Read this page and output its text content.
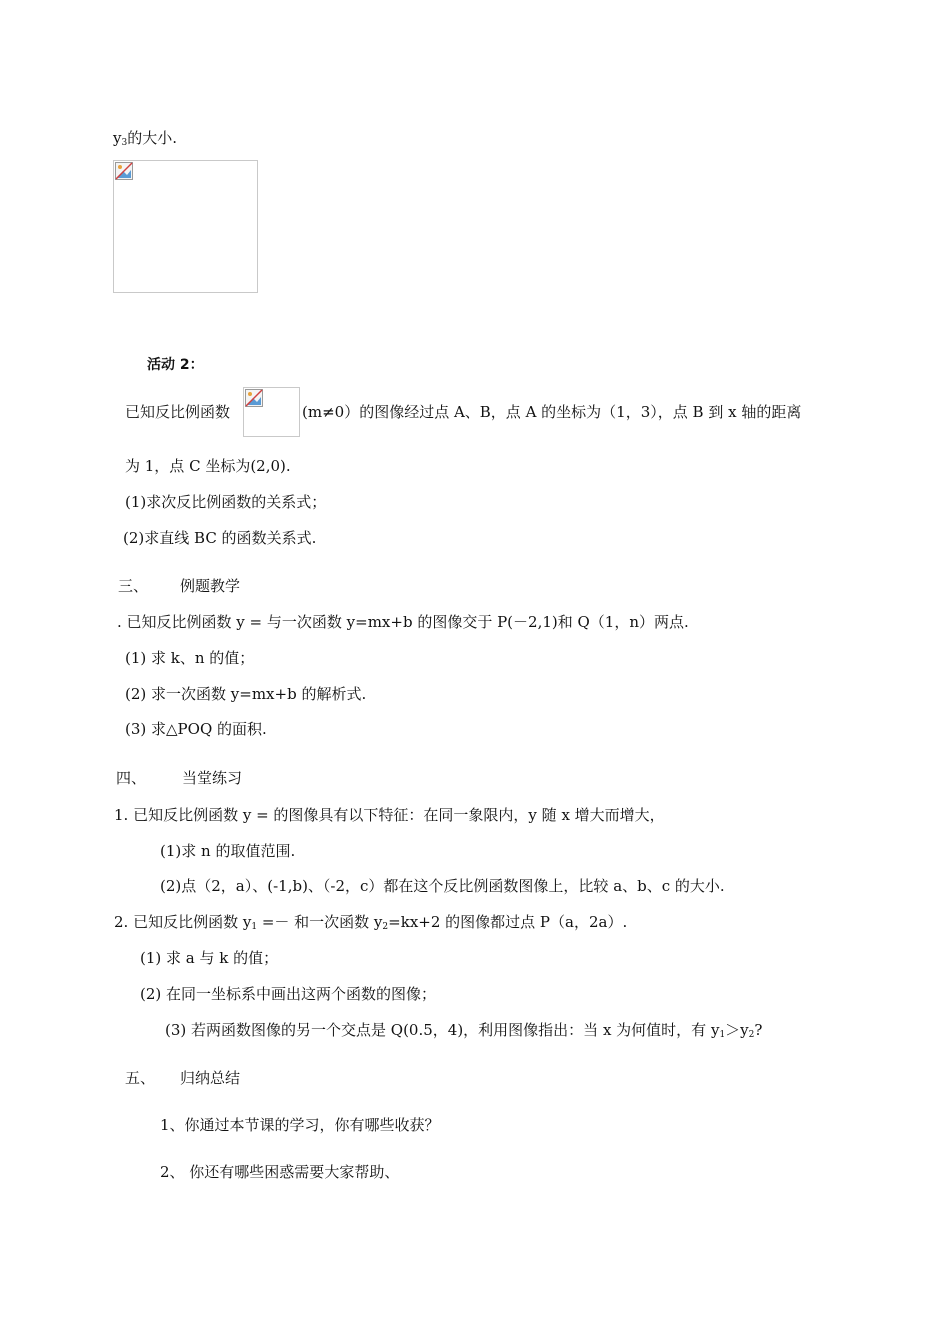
$y_3$的大小.
活动 2：
已知反比例函数	(m≠0）的图像经过点 A、B，点 A 的坐标为（1，3），点 B 到 x 轴的距离
为 1，点 C 坐标为(2,0).
(1)求次反比例函数的关系式；
(2)求直线 BC 的函数关系式.
三、 例题教学
. 已知反比例函数 y = 与一次函数 y=mx+b 的图像交于 P(－2,1)和 Q（1，n）两点.
(1) 求 k、n 的值；
(2) 求一次函数 y=mx+b 的解析式.
(3) 求△POQ 的面积.
四、 当堂练习
1. 已知反比例函数 y = 的图像具有以下特征：在同一象限内，y 随 x 增大而增大，
(1)求 n 的取值范围.
(2)点（2，a）、(-1,b)、（-2，c）都在这个反比例函数图像上，比较 a、b、c 的大小.
2. 已知反比例函数 $y_1$ =－ 和一次函数 $y_2=kx+2$ 的图像都过点 P（a，2a）.
(1) 求 a 与 k 的值；
(2) 在同一坐标系中画出这两个函数的图像；
(3) 若两函数图像的另一个交点是 Q(0.5，4)，利用图像指出：当 x 为何值时，有 $y_1>y_2$?
五、 归纳总结
1、你通过本节课的学习，你有哪些收获？
2、 你还有哪些困惑需要大家帮助、
